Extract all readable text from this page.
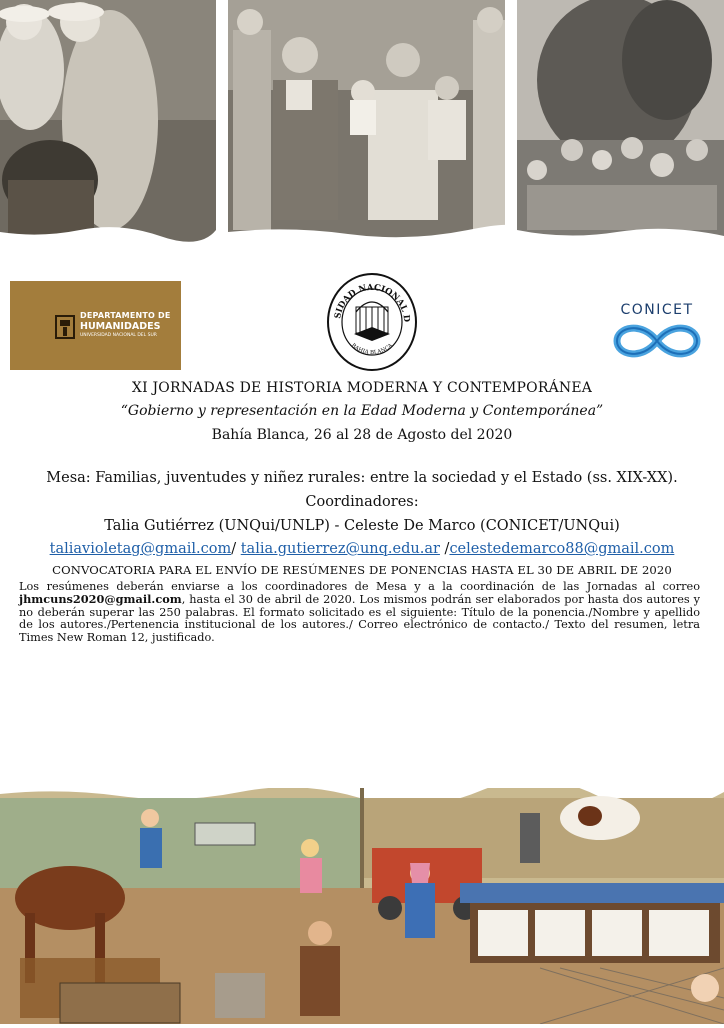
DEPARTAMENTO DE
HUMANIDADES
UNIVERSIDAD NACIONAL DEL SUR
SIDAD NACIONAL D
BAHIA BLANCA
CONICET
XI JORNADAS DE HISTORIA MODERNA Y CONTEMPORÁNEA
“Gobierno y representación en la Edad Moderna y Contemporánea”
Bahía Blanca, 26 al 28 de Agosto del 2020
Mesa: Familias, juventudes y niñez rurales: entre la sociedad y el Estado (ss. XIX-XX).
Coordinadores:
Talia Gutiérrez (UNQui/UNLP) - Celeste De Marco (CONICET/UNQui)
taliavioletag@gmail.com/ talia.gutierrez@unq.edu.ar /celestedemarco88@gmail.com
CONVOCATORIA PARA EL ENVÍO DE RESÚMENES DE PONENCIAS HASTA EL 30 DE ABRIL DE 2020

Los resúmenes deberán enviarse a los coordinadores de Mesa y a la coordinación de las Jornadas al correo jhmcuns2020@gmail.com, hasta el 30 de abril de 2020. Los mismos podrán ser elaborados por hasta dos autores y no deberán superar las 250 palabras. El formato solicitado es el siguiente: Título de la ponencia./Nombre y apellido de los autores./Pertenencia institucional de los autores./ Correo electrónico de contacto./ Texto del resumen, letra Times New Roman 12, justificado.
